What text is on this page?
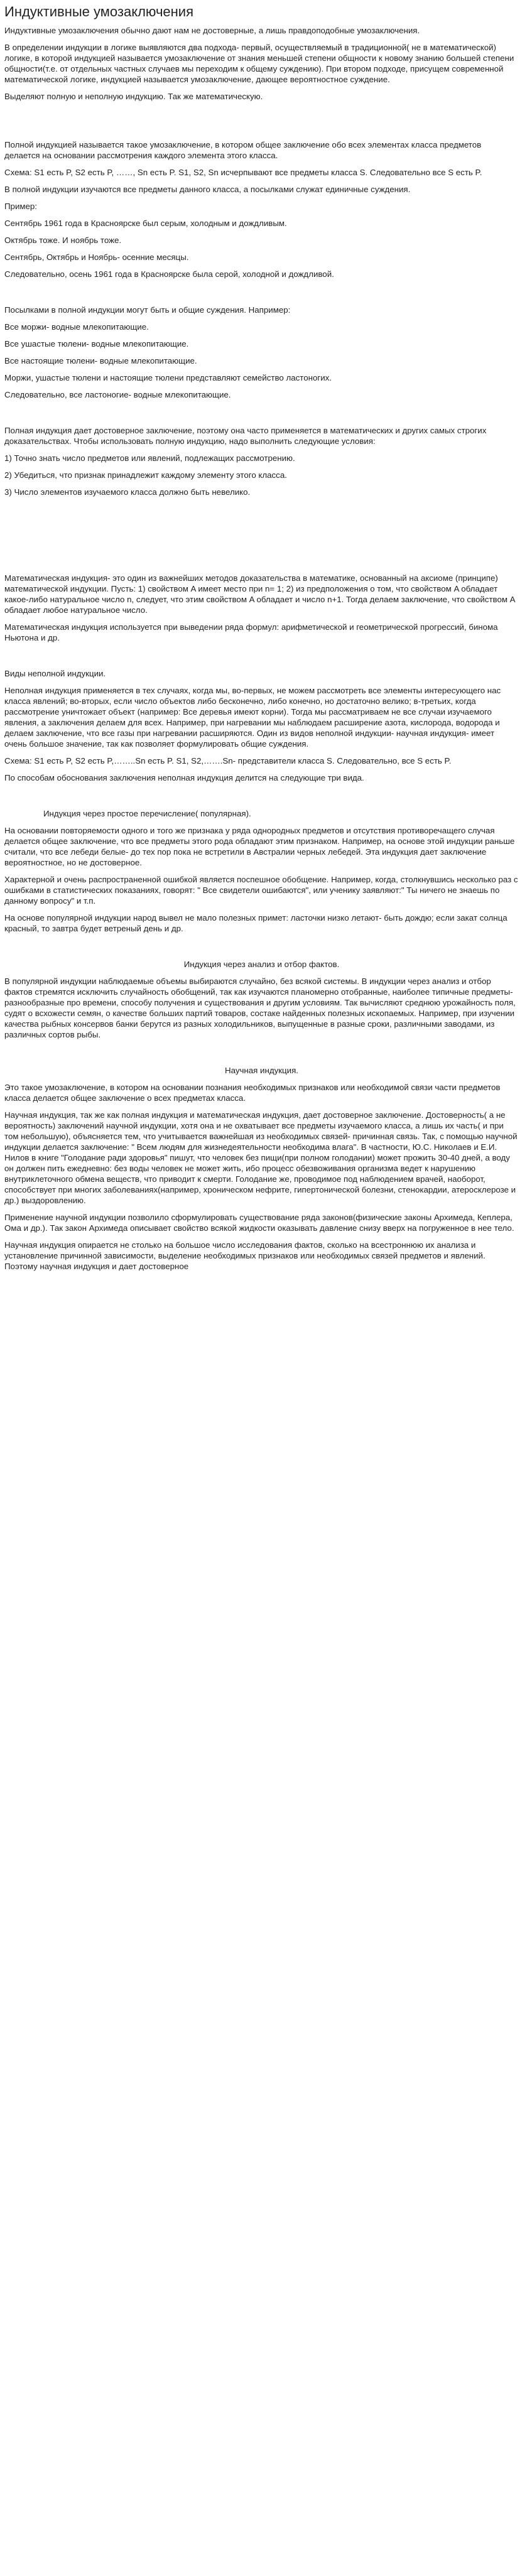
Индуктивные умозаключения

Индуктивные умозаключения обычно дают нам не достоверные, а лишь правдоподобные умозаключения.

В определении индукции в логике выявляются два подхода- первый, осуществляемый в традиционной( не в математической) логике, в которой индукцией называется умозаключение от знания меньшей степени общности к новому знанию большей степени общности(т.е. от отдельных частных случаев мы переходим к общему суждению). При втором подходе, присущем современной математической логике, индукцией называется умозаключение, дающее вероятностное суждение.

Выделяют полную и неполную индукцию. Так же математическую.

Полной индукцией называется такое умозаключение, в котором общее заключение обо всех элементах класса предметов делается на основании рассмотрения каждого элемента этого класса.

Схема: S1 есть P, S2 есть P, ……, Sn есть P. S1, S2, Sn исчерпывают все предметы класса S. Следовательно все S есть P.

В полной индукции изучаются все предметы данного класса, а посылками служат единичные суждения.

Пример:

Сентябрь 1961 года в Красноярске был серым, холодным и дождливым.

Октябрь тоже. И ноябрь тоже.

Сентябрь, Октябрь и Ноябрь- осенние месяцы.

Следовательно, осень 1961 года в Красноярске была серой, холодной и дождливой.

Посылками в полной индукции могут быть и общие суждения. Например:

Все моржи- водные млекопитающие.

Все ушастые тюлени- водные млекопитающие.

Все настоящие тюлени- водные млекопитающие.

Моржи, ушастые тюлени и настоящие тюлени представляют семейство ластоногих.

Следовательно, все ластоногие- водные млекопитающие.

Полная индукция дает достоверное заключение, поэтому она часто применяется в математических и других самых строгих доказательствах. Чтобы использовать полную индукцию, надо выполнить следующие условия:

1) Точно знать число предметов или явлений, подлежащих рассмотрению.

2) Убедиться, что признак принадлежит каждому элементу этого класса.

3) Число элементов изучаемого класса должно быть невелико.

Математическая индукция- это один из важнейших методов доказательства в математике, основанный на аксиоме (принципе) математической индукции. Пусть: 1) свойством A имеет место при n= 1; 2) из предположения о том, что свойством A обладает какое-либо натуральное число n, следует, что этим свойством A обладает и число n+1. Тогда делаем заключение, что свойством A обладает любое натуральное число.

Математическая индукция используется при выведении ряда формул: арифметической и геометрической прогрессий, бинома Ньютона и др.

Виды неполной индукции.

Неполная индукция применяется в тех случаях, когда мы, во-первых, не можем рассмотреть все элементы интересующего нас класса явлений; во-вторых, если число объектов либо бесконечно, либо конечно, но достаточно велико; в-третьих, когда рассмотрение уничтожает объект (например: Все деревья имеют корни). Тогда мы рассматриваем не все случаи изучаемого явления, а заключения делаем для всех. Например, при нагревании мы наблюдаем расширение азота, кислорода, водорода и делаем заключение, что все газы при нагревании расширяются. Один из видов неполной индукции- научная индукция- имеет очень большое значение, так как позволяет формулировать общие суждения.

Схема: S1 есть P, S2 есть P,……..Sn есть P. S1, S2,…….Sn- представители класса S. Следовательно, все S есть P.

По способам обоснования заключения неполная индукция делится на следующие три вида.

Индукция через простое перечисление( популярная).

На основании повторяемости одного и того же признака у ряда однородных предметов и отсутствия противоречащего случая делается общее заключение, что все предметы этого рода обладают этим признаком. Например, на основе этой индукции раньше считали, что все лебеди белые- до тех пор пока не встретили в Австралии черных лебедей. Эта индукция дает заключение вероятностное, но не достоверное.

Характерной и очень распространенной ошибкой является поспешное обобщение. Например, когда, столкнувшись несколько раз с ошибками в статистических показаниях, говорят: " Все свидетели ошибаются", или ученику заявляют:" Ты ничего не знаешь по данному вопросу" и т.п.

На основе популярной индукции народ вывел не мало полезных примет: ласточки низко летают- быть дождю; если закат солнца красный, то завтра будет ветреный день и др.

Индукция через анализ и отбор фактов.

В популярной индукции наблюдаемые объемы выбираются случайно, без всякой системы. В индукции через анализ и отбор фактов стремятся исключить случайность обобщений, так как изучаются планомерно отобранные, наиболее типичные предметы- разнообразные про времени, способу получения и существования и другим условиям. Так вычисляют среднюю урожайность поля, судят о всхожести семян, о качестве больших партий товаров, состаке найденных полезных ископаемых. Например, при изучении качества рыбных консервов банки берутся из разных холодильников, выпущенные в разные сроки, различными заводами, из различных сортов рыбы.

Научная индукция.

Это такое умозаключение, в котором на основании познания необходимых признаков или необходимой связи части предметов класса делается общее заключение о всех предметах класса.

Научная индукция, так же как полная индукция и математическая индукция, дает достоверное заключение. Достоверность( а не вероятность) заключений научной индукции, хотя она и не охватывает все предметы изучаемого класса, а лишь их часть( и при том небольшую), объясняется тем, что учитывается важнейшая из необходимых связей- причинная связь. Так, с помощью научной индукции делается заключение: " Всем людям для жизнедеятельности необходима влага". В частности, Ю.С. Николаев и Е.И. Нилов в книге "Голодание ради здоровья" пишут, что человек без пищи(при полном голодании) может прожить 30-40 дней, а воду он должен пить ежедневно: без воды человек не может жить, ибо процесс обезвоживания организма ведет к нарушению внутриклеточного обмена веществ, что приводит к смерти. Голодание же, проводимое под наблюдением врачей, наоборот, способствует при многих заболеваниях(например, хроническом нефрите, гипертонической болезни, стенокардии, атеросклерозе и др.) выздоровлению.

Применение научной индукции позволило сформулировать существование ряда законов(физические законы Архимеда, Кеплера, Ома и др.). Так закон Архимеда описывает свойство всякой жидкости оказывать давление снизу вверх на погруженное в нее тело.

Научная индукция опирается не столько на большое число исследования фактов, сколько на всестроннюю их анализа и установление причинной зависимости, выделение необходимых признаков или необходимых связей предметов и явлений. Поэтому научная индукция и дает достоверное
